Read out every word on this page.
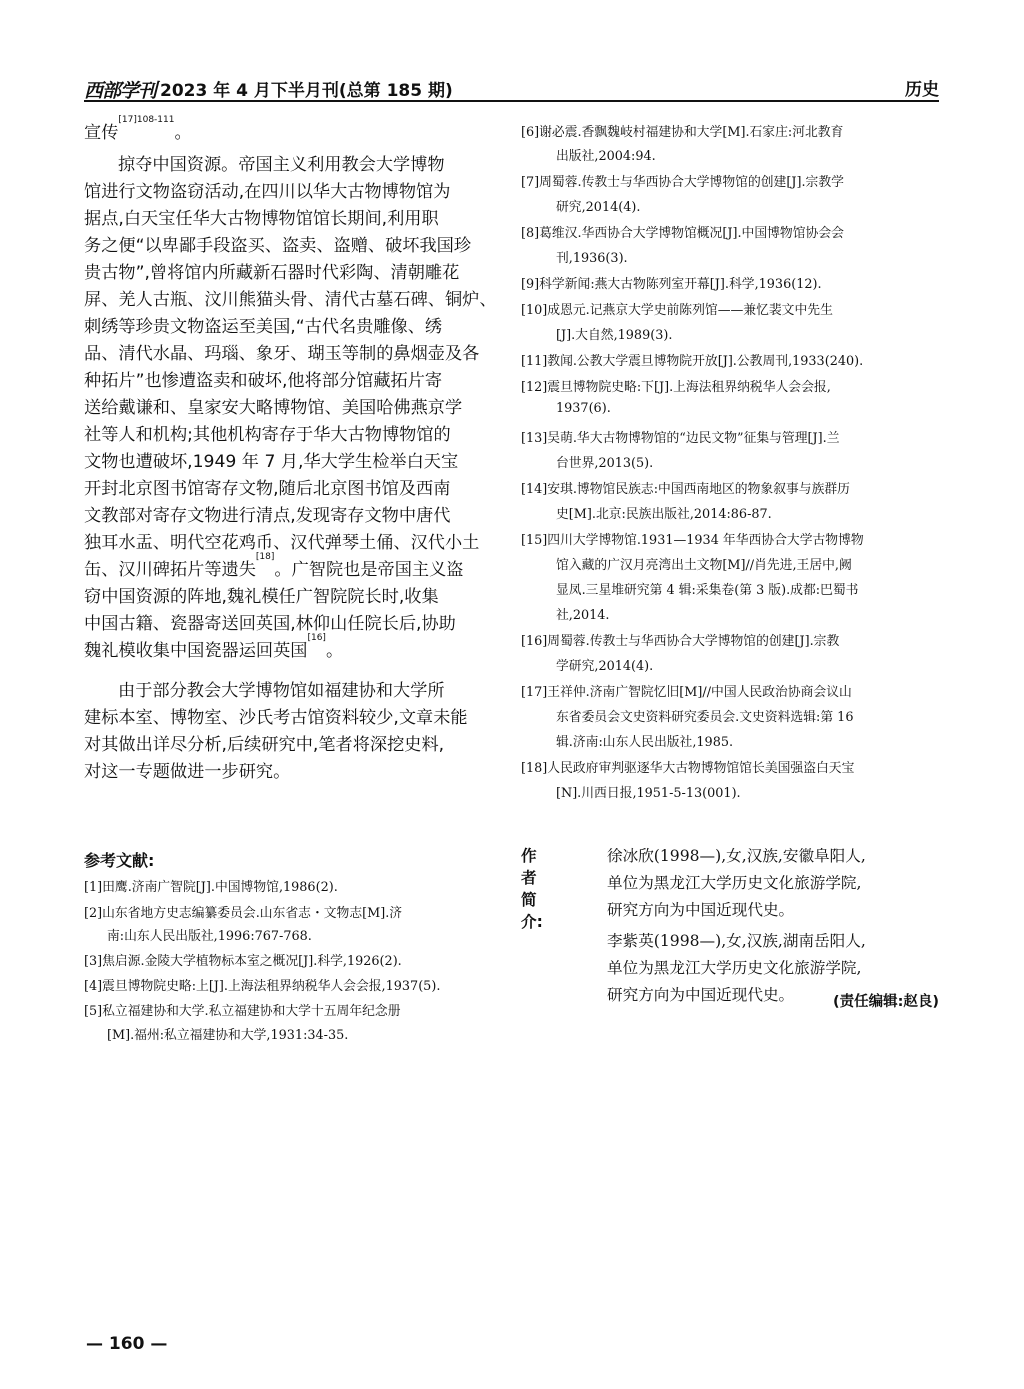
西部学刊 2023 年 4 月下半月刊(总第 185 期)	历史
宣传$^{[17]108-111}$。
掠夺中国资源。帝国主义利用教会大学博物
馆进行文物盗窃活动,在四川以华大古物博物馆为
据点,白天宝任华大古物博物馆馆长期间,利用职
务之便“以卑鄙手段盗买、盗卖、盗赠、破坏我国珍
贵古物”,曾将馆内所藏新石器时代彩陶、清朝雕花
屏、羌人古瓶、汶川熊猫头骨、清代古墓石碑、铜炉、
刺绣等珍贵文物盗运至美国,“古代名贵雕像、绣
品、清代水晶、玛瑙、象牙、瑚玉等制的鼻烟壶及各
种拓片”也惨遭盗卖和破坏,他将部分馆藏拓片寄
送给戴谦和、皇家安大略博物馆、美国哈佛燕京学
社等人和机构;其他机构寄存于华大古物博物馆的
文物也遭破坏,1949 年 7 月,华大学生检举白天宝
开封北京图书馆寄存文物,随后北京图书馆及西南
文教部对寄存文物进行清点,发现寄存文物中唐代
独耳水盂、明代空花鸡币、汉代弹琴土俑、汉代小土
缶、汉川碑拓片等遗失[18]。广智院也是帝国主义盗
窃中国资源的阵地,魏礼模任广智院院长时,收集
中国古籍、瓷器寄送回英国,林仰山任院长后,协助
魏礼模收集中国瓷器运回英国[16]。
由于部分教会大学博物馆如福建协和大学所
建标本室、博物室、沙氏考古馆资料较少,文章未能
对其做出详尽分析,后续研究中,笔者将深挖史料,
对这一专题做进一步研究。
参考文献:
[1]田鹰.济南广智院[J].中国博物馆,1986(2).
[2]山东省地方史志编纂委员会.山东省志・文物志[M].济
南:山东人民出版社,1996:767-768.
[3]焦启源.金陵大学植物标本室之概况[J].科学,1926(2).
[4]震旦博物院史略:上[J].上海法租界纳税华人会会报,1937(5).
[5]私立福建协和大学.私立福建协和大学十五周年纪念册
[M].福州:私立福建协和大学,1931:34-35.
[6]谢必震.香飘魏岐村福建协和大学[M].石家庄:河北教育
出版社,2004:94.
[7]周蜀蓉.传教士与华西协合大学博物馆的创建[J].宗教学
研究,2014(4).
[8]葛维汉.华西协合大学博物馆概况[J].中国博物馆协会会
刊,1936(3).
[9]科学新闻:燕大古物陈列室开幕[J].科学,1936(12).
[10]成恩元.记燕京大学史前陈列馆——兼忆裴文中先生
[J].大自然,1989(3).
[11]教闻.公教大学震旦博物院开放[J].公教周刊,1933(240).
[12]震旦博物院史略:下[J].上海法租界纳税华人会会报,
1937(6).
[13]吴萌.华大古物博物馆的“边民文物”征集与管理[J].兰
台世界,2013(5).
[14]安琪.博物馆民族志:中国西南地区的物象叙事与族群历
史[M].北京:民族出版社,2014:86-87.
[15]四川大学博物馆.1931—1934 年华西协合大学古物博物
馆入藏的广汉月亮湾出土文物[M]//肖先进,王居中,阙
显凤.三星堆研究第 4 辑:采集卷(第 3 版).成都:巴蜀书
社,2014.
[16]周蜀蓉.传教士与华西协合大学博物馆的创建[J].宗教
学研究,2014(4).
[17]王祥仲.济南广智院忆旧[M]//中国人民政治协商会议山
东省委员会文史资料研究委员会.文史资料选辑:第 16
辑.济南:山东人民出版社,1985.
[18]人民政府审判驱逐华大古物博物馆馆长美国强盗白天宝
[N].川西日报,1951-5-13(001).
作者简介:
徐冰欣(1998—),女,汉族,安徽阜阳人,
单位为黑龙江大学历史文化旅游学院,
研究方向为中国近现代史。
李紫英(1998—),女,汉族,湖南岳阳人,
单位为黑龙江大学历史文化旅游学院,
研究方向为中国近现代史。	(责任编辑:赵良)
— 160 —
